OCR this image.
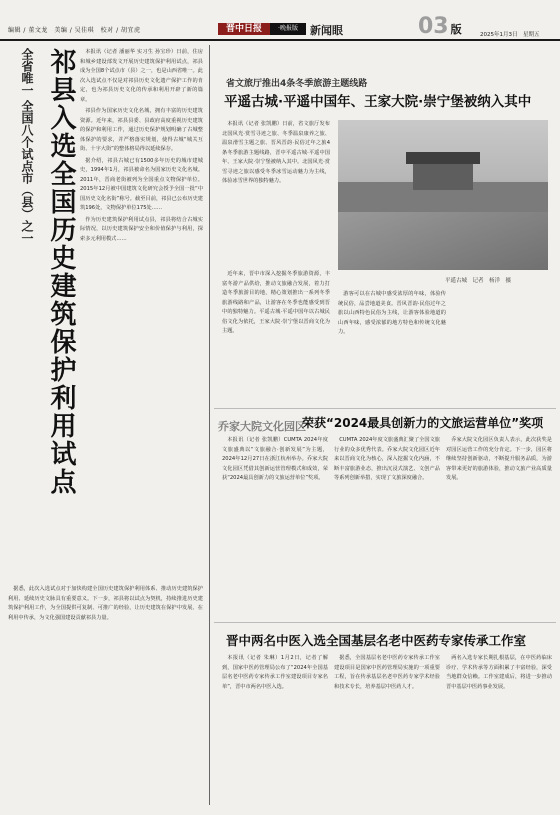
编辑 / 董文龙　美编 / 吴佳琪　校对 / 胡宜虎	晋中日报	·晚报版	新闻眼	03 版	2025年1月3日　星期五
全省唯一 全国八个试点市（县）之一 祁县入选全国历史建筑保护利用试点	本报讯（记者 潘丽华 实习生 孙宝珍）日前，住房和城乡建设部发文开展历史建筑保护利用试点，祁县成为全国8个试点市（县）之一，也是山西省唯一。此次入选试点不仅是对祁县历史文化遗产保护工作的肯定，也为祁县历史文化的传承和利用开辟了新的篇章。

祁县作为国家历史文化名城，拥有丰富的历史建筑资源。近年来，祁县县委、县政府高度重视历史建筑的保护和利用工作，通过历史保护规划明确了古城整体保护的要求，并严格落实规划，使得古城“城关互街、十字大街”的整体格局得以延续保存。

据介绍，祁县古城已有1500多年历史的城市建城史，1994年1月，祁县被命名为国家历史文化名城。2011年，晋商老街被列为全国重点文物保护单位。2015年12月被中国建筑文化研究会授予全国一批“中国历史文化名街”称号。截至目前，祁县已公布历史建筑196处，文物保护单位175处……

作为历史建筑保护利用试点县，祁县将结合古城实际情况，以历史建筑保护安全和价值保护与利用，探索多元利用模式……

据悉，此次入选试点对于加快构建全国历史建筑保护利用体系、推动历史建筑保护利用、延续历史文脉具有重要意义。下一步，祁县将以试点为契机，持续推进历史建筑保护利用工作，为全国提供可复制、可推广的经验，让历史建筑在保护中发展、在利用中传承，为文化强国建设贡献祁县力量。

省文旅厅推出4条冬季旅游主题线路
平遥古城·平遥中国年、王家大院·崇宁堡被纳入其中

本报讯（记者 张凯鹏）日前，省文旅厅发布北国风光·赏雪寻迹之旅、冬季温泉康养之旅、温泉滑雪主题之旅、晋风晋韵·民俗过年之旅4条冬季旅游主题线路，晋中平遥古城·平遥中国年、王家大院·崇宁堡被纳入其中。北国风光·赏雪寻迹之旅以感受冬季冰雪运动魅力为主线，体验冰雪世界的独特魅力。

近年来，晋中市深入挖掘冬季旅游资源，丰富冬游产品供给，推动文旅融合发展，着力打造冬季旅游目的地，精心策划推出一系列冬季旅游线路和产品，让游客在冬季也能感受到晋中的独特魅力。平遥古城·平遥中国年以古城民俗文化为依托，王家大院·崇宁堡以晋商文化为主题。

平遥古城　记者　杨洋　摄

游客可以在古城中感受浓厚的年味，体验传统民俗，品尝地道美食。晋风晋韵·民俗过年之旅以山西特色民俗为主线，让游客体验地道的山西年味，感受浓郁的地方特色和传统文化魅力。

乔家大院文化园区
荣获“2024最具创新力的文旅运营单位”奖项

本报讯（记者 张凯鹏）CUMTA 2024年度文旅盛典以“文旅融合·创新发展”为主题，2024年12月27日在浙江杭州举办。乔家大院文化园区凭借其创新运营管理模式和成效，荣获“2024最具创新力的文旅运营单位”奖项。

CUMTA 2024年度文旅盛典汇聚了全国文旅行业的众多优秀代表。乔家大院文化园区近年来以晋商文化为核心，深入挖掘文化内涵，不断丰富旅游业态，推出沉浸式演艺、文创产品等系列创新举措，实现了文旅深度融合。

乔家大院文化园区负责人表示，此次获奖是对园区运营工作的充分肯定。下一步，园区将继续坚持创新驱动，不断提升服务品质，为游客带来更好的旅游体验，推动文旅产业高质量发展。

晋中两名中医入选全国基层名老中医药专家传承工作室

本报讯（记者 朱琳）1月2日，记者了解到，国家中医药管理局公布了“2024年全国基层名老中医药专家传承工作室建设项目专家名单”，晋中市两名中医入选。

据悉，全国基层名老中医药专家传承工作室建设项目是国家中医药管理局实施的一项重要工程，旨在传承基层名老中医药专家学术经验和技术专长，培养基层中医药人才。

两名入选专家长期扎根基层，在中医药临床诊疗、学术传承等方面积累了丰富经验，深受当地群众信赖。工作室建成后，将进一步推动晋中基层中医药事业发展。
